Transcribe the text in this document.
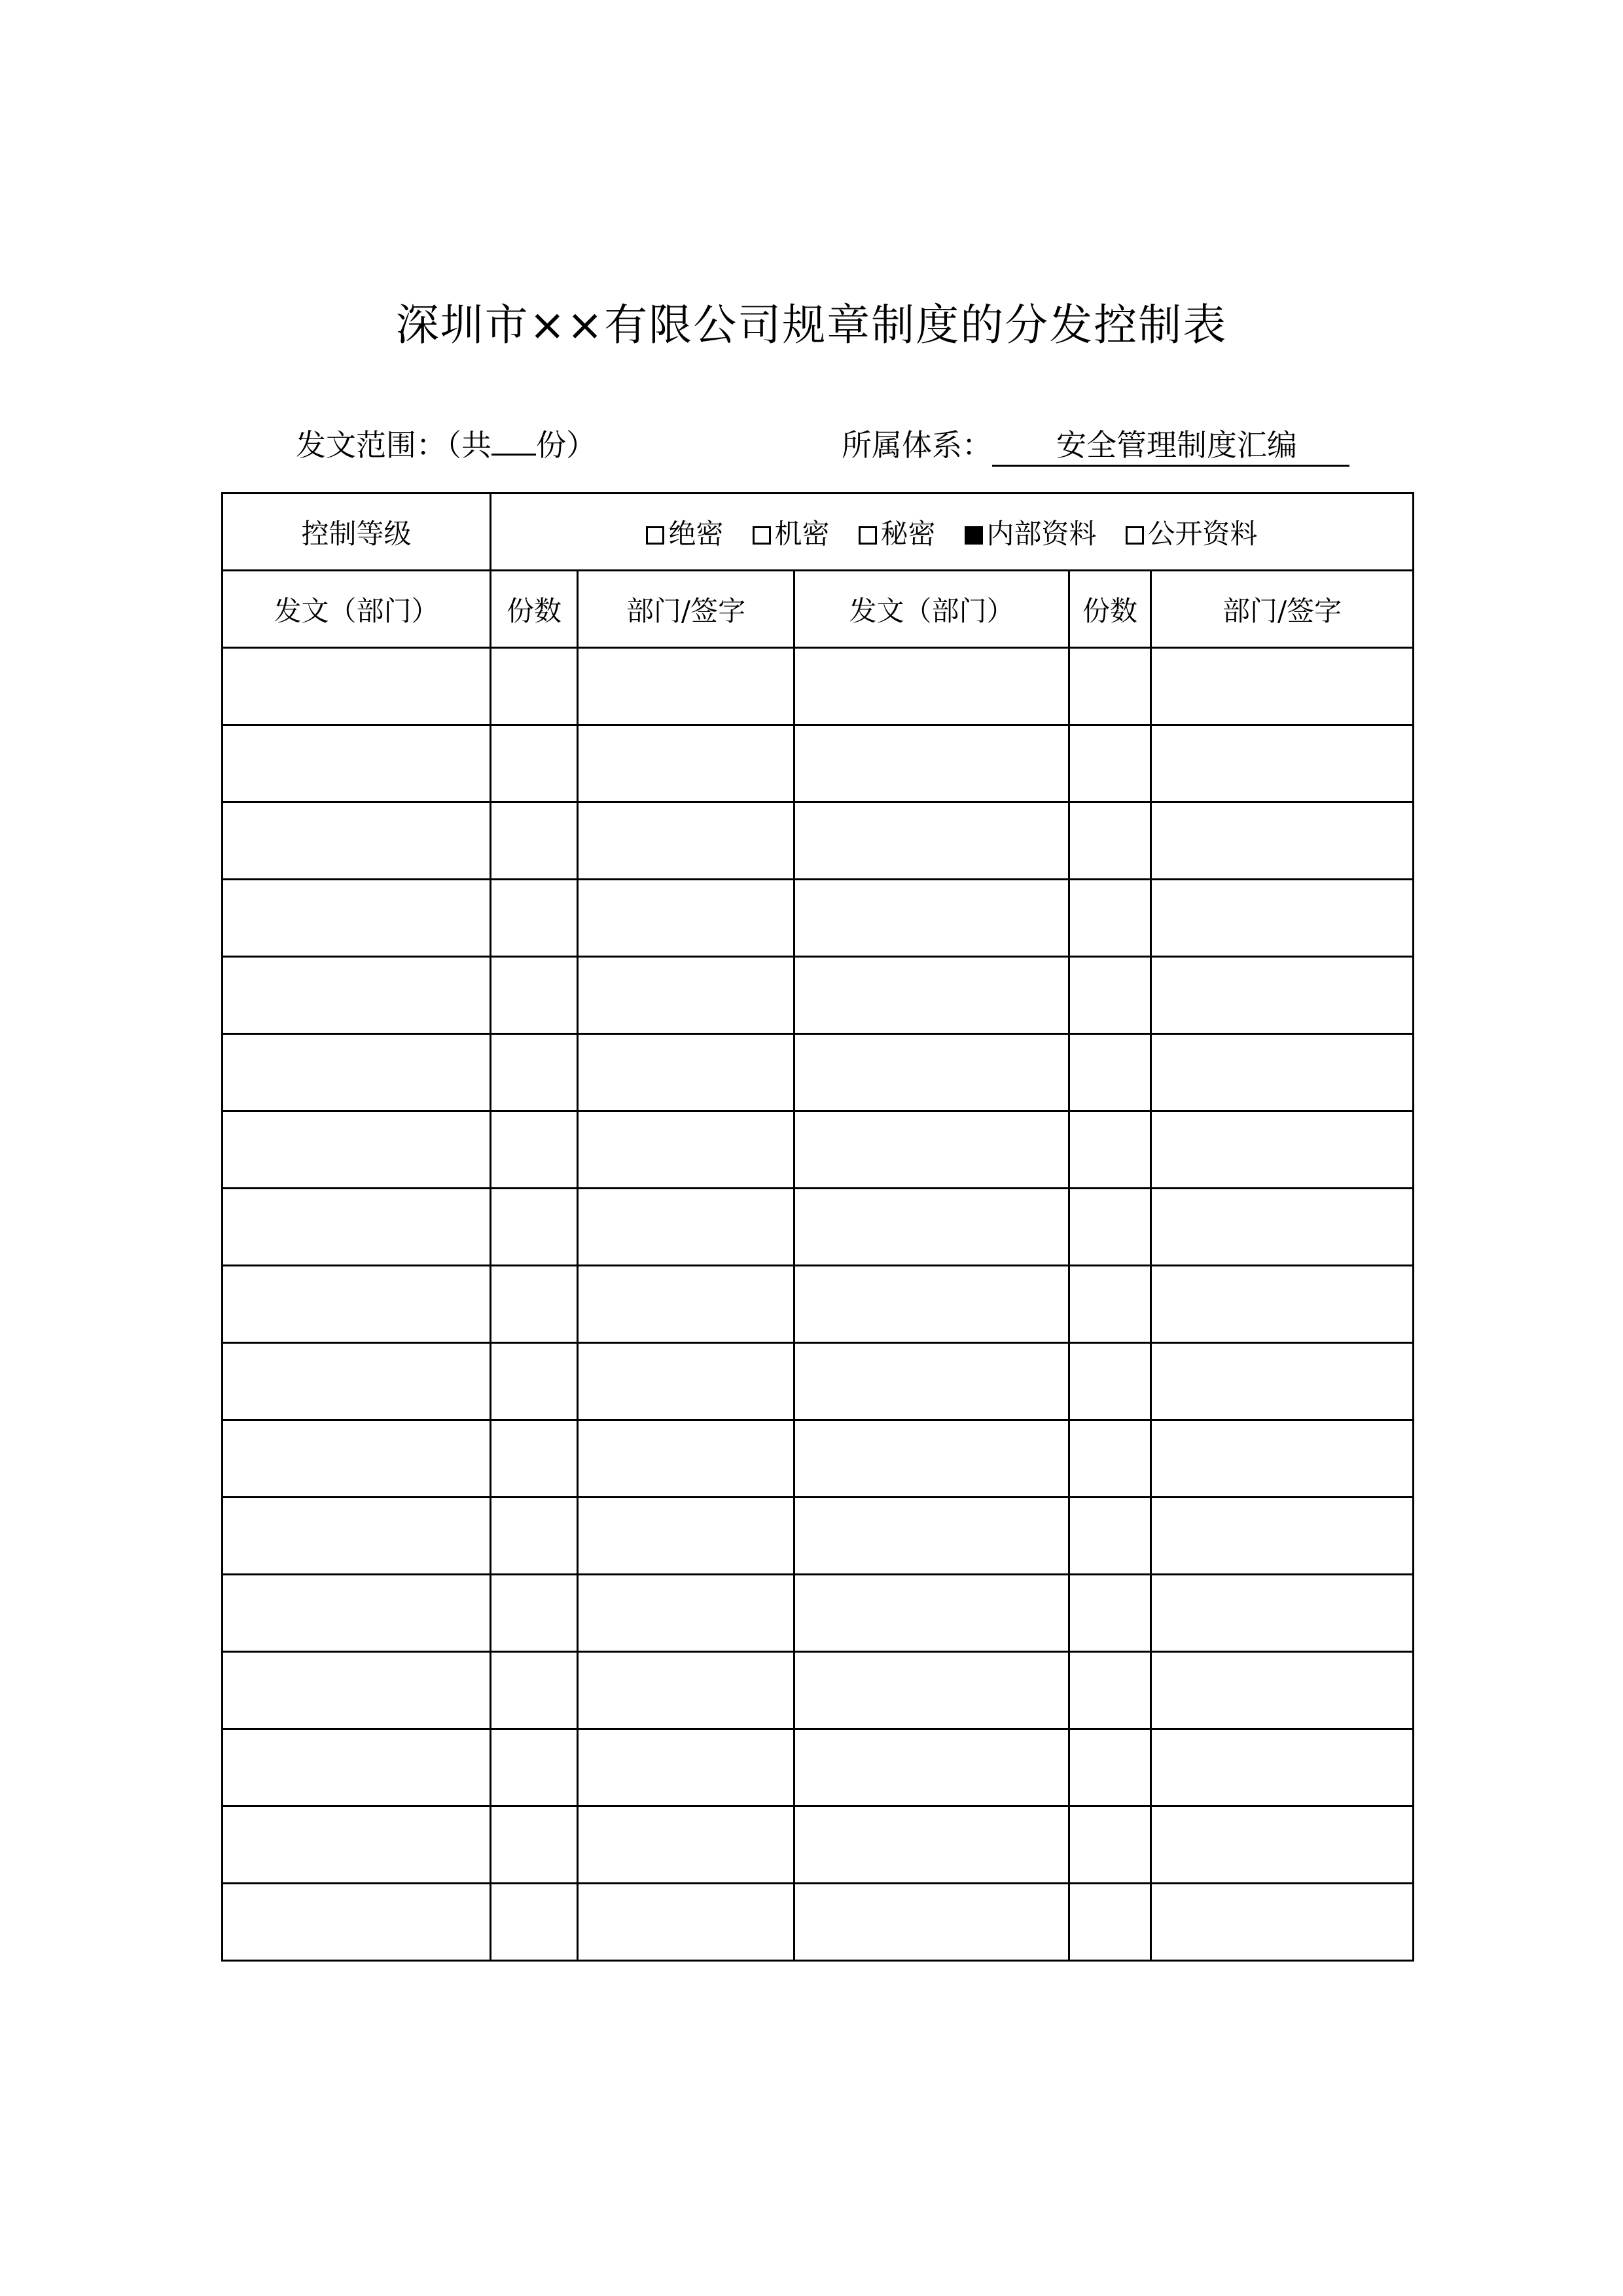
深圳市××有限公司规章制度的分发控制表
发文范围：（共 份）	所属体系： 安全管理制度汇编
控制等级	绝密 机密 秘密 内部资料 公开资料				
发文（部门）	份数	部门/签字	发文（部门）	份数	部门/签字
